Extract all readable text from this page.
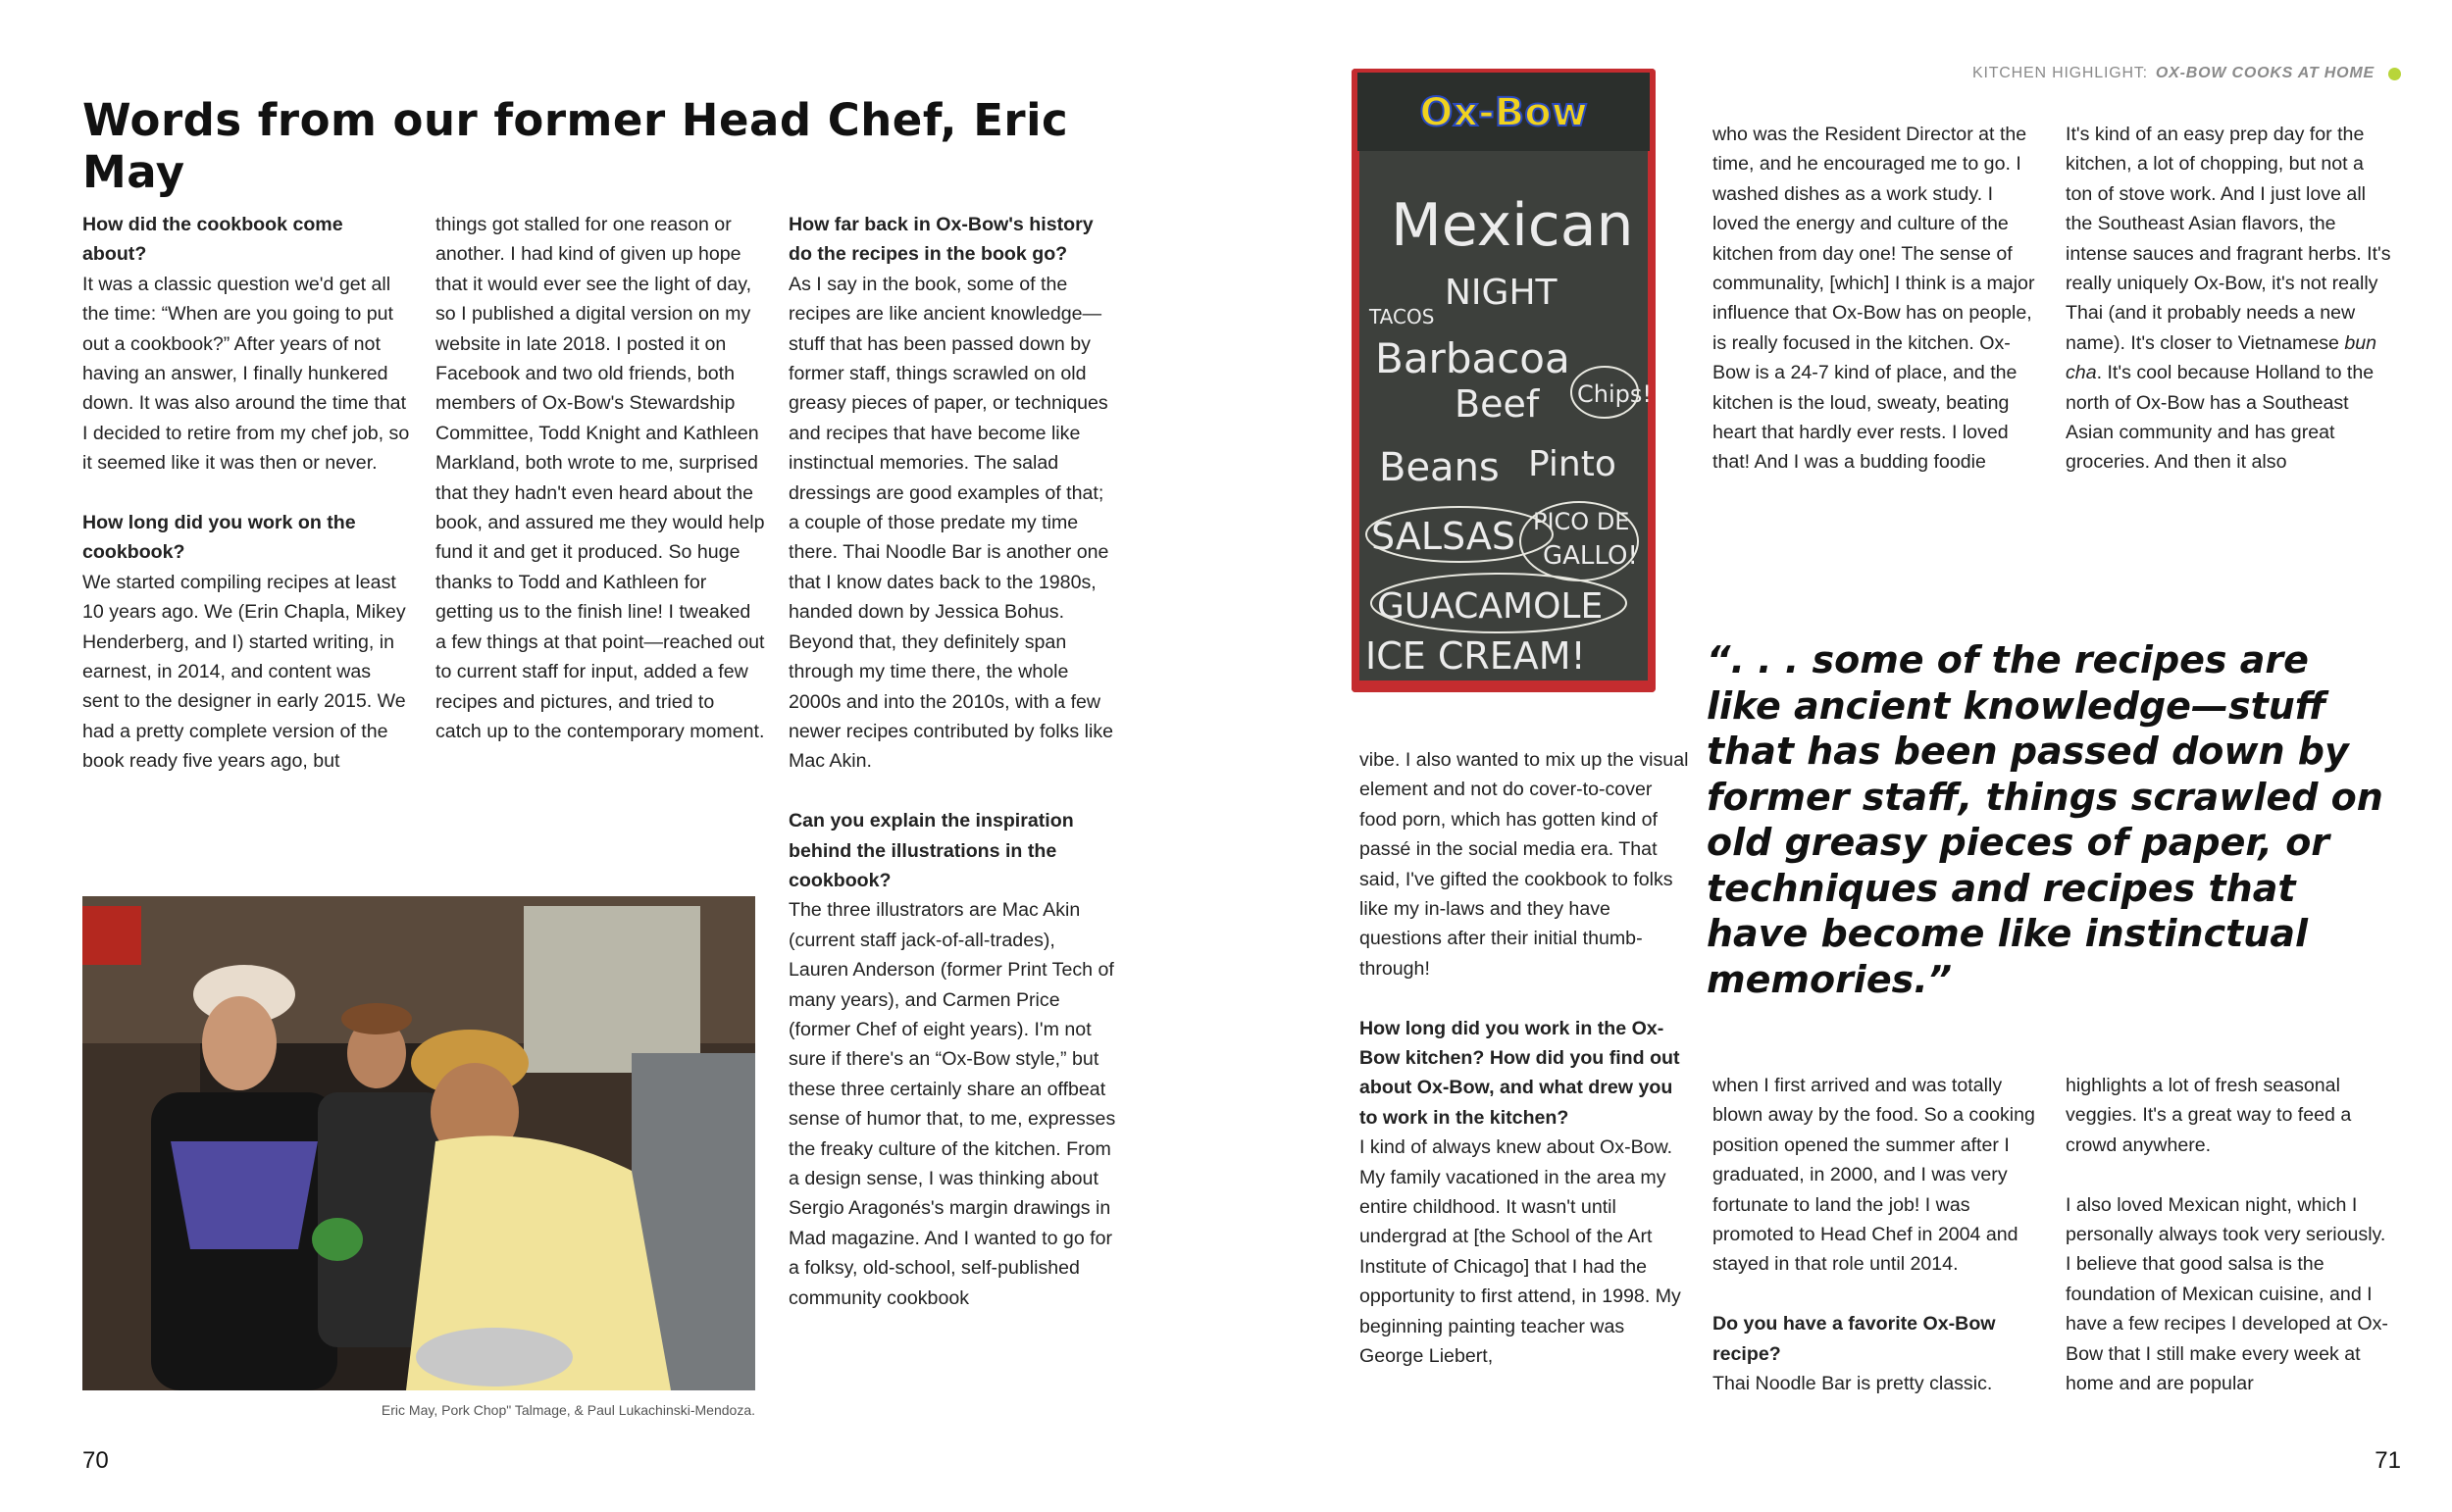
Words from our former Head Chef, Eric May
KITCHEN HIGHLIGHT: OX-BOW COOKS AT HOME

How did the cookbook come about?

It was a classic question we'd get all the time: “When are you going to put out a cookbook?” After years of not having an answer, I finally hunkered down. It was also around the time that I decided to retire from my chef job, so it seemed like it was then or never.

How long did you work on the cookbook?

We started compiling recipes at least 10 years ago. We (Erin Chapla, Mikey Henderberg, and I) started writing, in earnest, in 2014, and content was sent to the designer in early 2015. We had a pretty complete version of the book ready five years ago, but

things got stalled for one reason or another. I had kind of given up hope that it would ever see the light of day, so I published a digital version on my website in late 2018. I posted it on Facebook and two old friends, both members of Ox-Bow's Stewardship Committee, Todd Knight and Kathleen Markland, both wrote to me, surprised that they hadn't even heard about the book, and assured me they would help fund it and get it produced. So huge thanks to Todd and Kathleen for getting us to the finish line! I tweaked a few things at that point—reached out to current staff for input, added a few recipes and pictures, and tried to catch up to the contemporary moment.

How far back in Ox-Bow's history do the recipes in the book go?

As I say in the book, some of the recipes are like ancient knowledge—stuff that has been passed down by former staff, things scrawled on old greasy pieces of paper, or techniques and recipes that have become like instinctual memories. The salad dressings are good examples of that; a couple of those predate my time there. Thai Noodle Bar is another one that I know dates back to the 1980s, handed down by Jessica Bohus. Beyond that, they definitely span through my time there, the whole 2000s and into the 2010s, with a few newer recipes contributed by folks like Mac Akin.

Can you explain the inspiration behind the illustrations in the cookbook?

The three illustrators are Mac Akin (current staff jack-of-all-trades), Lauren Anderson (former Print Tech of many years), and Carmen Price (former Chef of eight years). I'm not sure if there's an “Ox-Bow style,” but these three certainly share an offbeat sense of humor that, to me, expresses the freaky culture of the kitchen. From a design sense, I was thinking about Sergio Aragonés's margin drawings in Mad magazine. And I wanted to go for a folksy, old-school, self-published community cookbook

Eric May, Pork Chop" Talmage, & Paul Lukachinski-Mendoza.
70
Ox-Bow
Mexican
NIGHT
TACOS
Barbacoa
Beef Chips!
Beans Pinto
SALSAS PICO DE
GALLO!
GUACAMOLE
ICE CREAM!

vibe. I also wanted to mix up the visual element and not do cover-to-cover food porn, which has gotten kind of passé in the social media era. That said, I've gifted the cookbook to folks like my in-laws and they have questions after their initial thumb-through!

How long did you work in the Ox-Bow kitchen? How did you find out about Ox-Bow, and what drew you to work in the kitchen?

I kind of always knew about Ox-Bow. My family vacationed in the area my entire childhood. It wasn't until undergrad at [the School of the Art Institute of Chicago] that I had the opportunity to first attend, in 1998. My beginning painting teacher was George Liebert,

who was the Resident Director at the time, and he encouraged me to go. I washed dishes as a work study. I loved the energy and culture of the kitchen from day one! The sense of communality, [which] I think is a major influence that Ox-Bow has on people, is really focused in the kitchen. Ox-Bow is a 24-7 kind of place, and the kitchen is the loud, sweaty, beating heart that hardly ever rests. I loved that! And I was a budding foodie

when I first arrived and was totally blown away by the food. So a cooking position opened the summer after I graduated, in 2000, and I was very fortunate to land the job! I was promoted to Head Chef in 2004 and stayed in that role until 2014.

Do you have a favorite Ox-Bow recipe?

Thai Noodle Bar is pretty classic.

It's kind of an easy prep day for the kitchen, a lot of chopping, but not a ton of stove work. And I just love all the Southeast Asian flavors, the intense sauces and fragrant herbs. It's really uniquely Ox-Bow, it's not really Thai (and it probably needs a new name). It's closer to Vietnamese bun cha. It's cool because Holland to the north of Ox-Bow has a Southeast Asian community and has great groceries. And then it also

highlights a lot of fresh seasonal veggies. It's a great way to feed a crowd anywhere.

I also loved Mexican night, which I personally always took very seriously. I believe that good salsa is the foundation of Mexican cuisine, and I have a few recipes I developed at Ox-Bow that I still make every week at home and are popular

“. . . some of the recipes are like ancient knowledge—stuff that has been passed down by former staff, things scrawled on old greasy pieces of paper, or techniques and recipes that have become like instinctual memories.”

71
